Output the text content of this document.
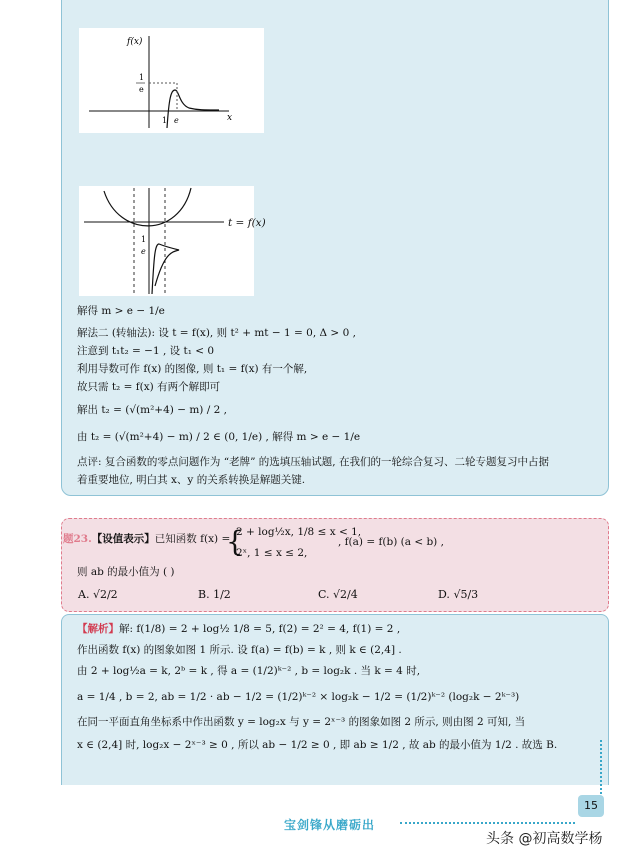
f(x)
x
1
e
1 e
1
e
t = f(x)
解得 m > e − 1/e
解法二 (转轴法): 设 t = f(x), 则 t² + mt − 1 = 0, Δ > 0 ,
注意到 t₁t₂ = −1 , 设 t₁ < 0
利用导数可作 f(x) 的图像, 则 t₁ = f(x) 有一个解,
故只需 t₂ = f(x) 有两个解即可
解出 t₂ = (√(m²+4) − m) / 2 ,
由 t₂ = (√(m²+4) − m) / 2 ∈ (0, 1/e) , 解得 m > e − 1/e
点评: 复合函数的零点问题作为 “老牌” 的选填压轴试题, 在我们的一轮综合复习、二轮专题复习中占据
着重要地位, 明白其 x、y 的关系转换是解题关键.
题23.【设值表示】已知函数 f(x) =
{
2 + log½x, 1/8 ≤ x < 1,
2ˣ, 1 ≤ x ≤ 2,
, f(a) = f(b) (a < b) ,
则 ab 的最小值为 ( )
A. √2/2	B. 1/2	C. √2/4	D. √5/3
【解析】解: f(1/8) = 2 + log½ 1/8 = 5, f(2) = 2² = 4, f(1) = 2 ,
作出函数 f(x) 的图象如图 1 所示. 设 f(a) = f(b) = k , 则 k ∈ (2,4] .
由 2 + log½a = k, 2ᵇ = k , 得 a = (1/2)ᵏ⁻² , b = log₂k . 当 k = 4 时,
a = 1/4 , b = 2, ab = 1/2 · ab − 1/2 = (1/2)ᵏ⁻² × log₂k − 1/2 = (1/2)ᵏ⁻² (log₂k − 2ᵏ⁻³)
在同一平面直角坐标系中作出函数 y = log₂x 与 y = 2ˣ⁻³ 的图象如图 2 所示, 则由图 2 可知, 当
x ∈ (2,4] 时, log₂x − 2ˣ⁻³ ≥ 0 , 所以 ab − 1/2 ≥ 0 , 即 ab ≥ 1/2 , 故 ab 的最小值为 1/2 . 故选 B.
15
宝剑锋从磨砺出
头条 @初高数学杨
